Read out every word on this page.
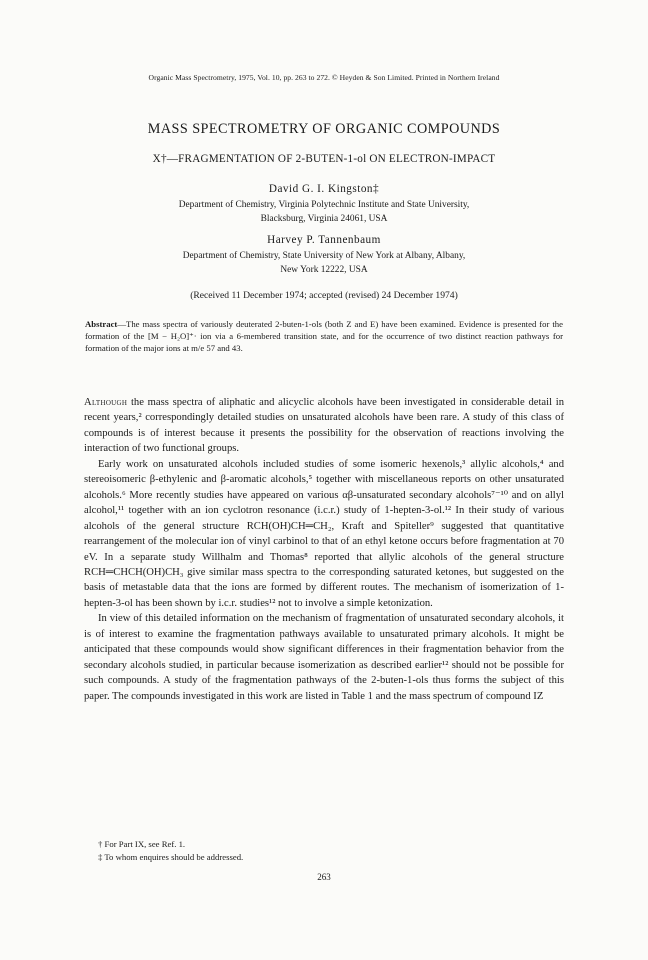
Organic Mass Spectrometry, 1975, Vol. 10, pp. 263 to 272. © Heyden & Son Limited. Printed in Northern Ireland
MASS SPECTROMETRY OF ORGANIC COMPOUNDS
X†—FRAGMENTATION OF 2-BUTEN-1-ol ON ELECTRON-IMPACT
David G. I. Kingston‡
Department of Chemistry, Virginia Polytechnic Institute and State University,
Blacksburg, Virginia 24061, USA
Harvey P. Tannenbaum
Department of Chemistry, State University of New York at Albany, Albany,
New York 12222, USA
(Received 11 December 1974; accepted (revised) 24 December 1974)
Abstract—The mass spectra of variously deuterated 2-buten-1-ols (both Z and E) have been examined. Evidence is presented for the formation of the [M − H₂O]⁺· ion via a 6-membered transition state, and for the occurrence of two distinct reaction pathways for formation of the major ions at m/e 57 and 43.

Although the mass spectra of aliphatic and alicyclic alcohols have been investigated in considerable detail in recent years,² correspondingly detailed studies on unsaturated alcohols have been rare. A study of this class of compounds is of interest because it presents the possibility for the observation of reactions involving the interaction of two functional groups.

Early work on unsaturated alcohols included studies of some isomeric hexenols,³ allylic alcohols,⁴ and stereoisomeric β-ethylenic and β-aromatic alcohols,⁵ together with miscellaneous reports on other unsaturated alcohols.⁶ More recently studies have appeared on various αβ-unsaturated secondary alcohols⁷⁻¹⁰ and on allyl alcohol,¹¹ together with an ion cyclotron resonance (i.c.r.) study of 1-hepten-3-ol.¹² In their study of various alcohols of the general structure RCH(OH)CH═CH₂, Kraft and Spiteller⁹ suggested that quantitative rearrangement of the molecular ion of vinyl carbinol to that of an ethyl ketone occurs before fragmentation at 70 eV. In a separate study Willhalm and Thomas⁸ reported that allylic alcohols of the general structure RCH═CHCH(OH)CH₃ give similar mass spectra to the corresponding saturated ketones, but suggested on the basis of metastable data that the ions are formed by different routes. The mechanism of isomerization of 1-hepten-3-ol has been shown by i.c.r. studies¹² not to involve a simple ketonization.

In view of this detailed information on the mechanism of fragmentation of unsaturated secondary alcohols, it is of interest to examine the fragmentation pathways available to unsaturated primary alcohols. It might be anticipated that these compounds would show significant differences in their fragmentation behavior from the secondary alcohols studied, in particular because isomerization as described earlier¹² should not be possible for such compounds. A study of the fragmentation pathways of the 2-buten-1-ols thus forms the subject of this paper. The compounds investigated in this work are listed in Table 1 and the mass spectrum of compound IZ

† For Part IX, see Ref. 1.
‡ To whom enquires should be addressed.
263
